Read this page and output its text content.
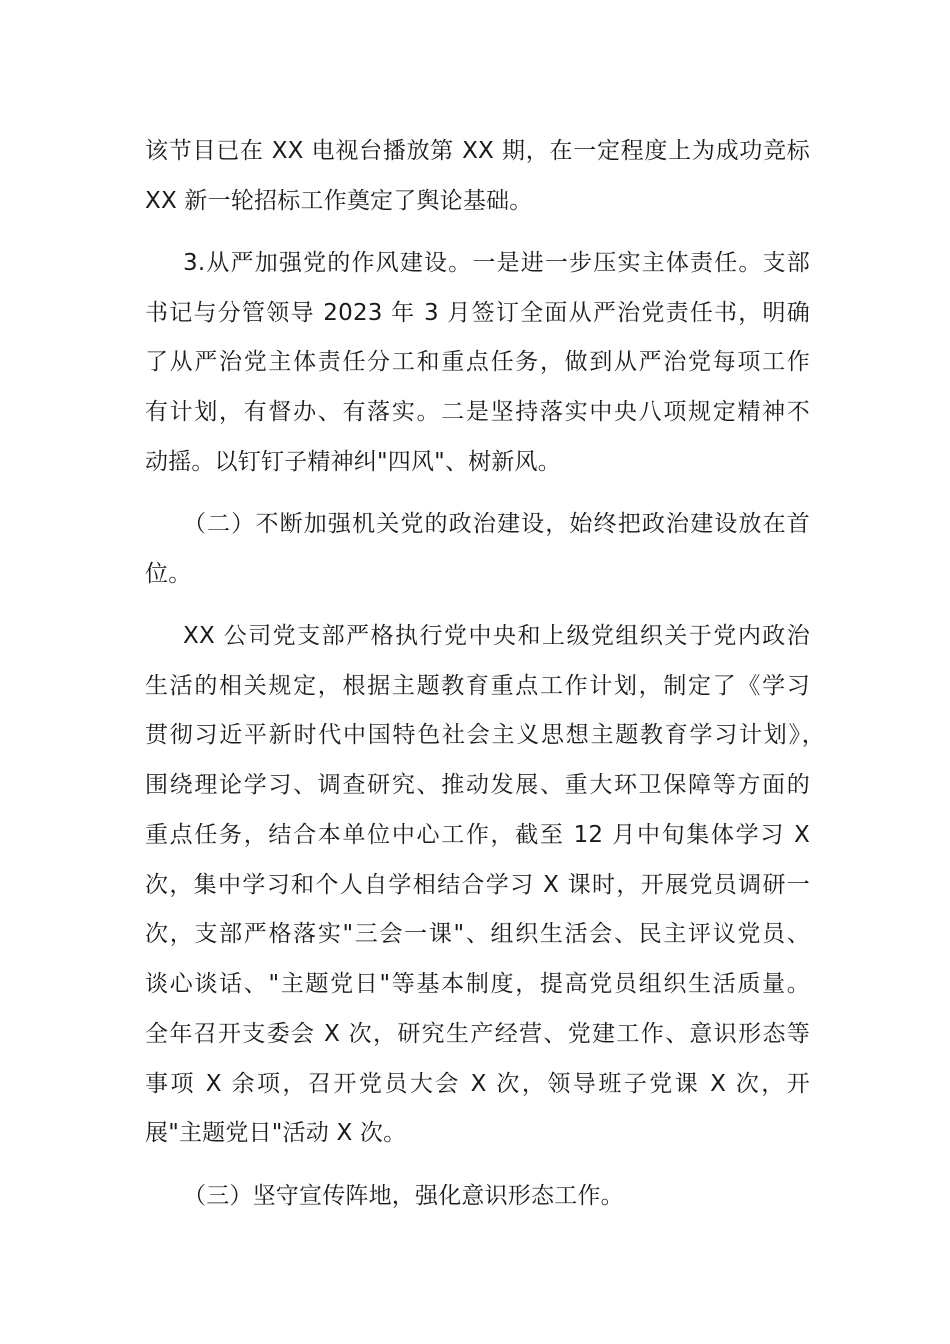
该节目已在 XX 电视台播放第 XX 期，在一定程度上为成功竞标
XX 新一轮招标工作奠定了舆论基础。
3.从严加强党的作风建设。一是进一步压实主体责任。支部
书记与分管领导 2023 年 3 月签订全面从严治党责任书，明确
了从严治党主体责任分工和重点任务，做到从严治党每项工作
有计划，有督办、有落实。二是坚持落实中央八项规定精神不
动摇。以钉钉子精神纠"四风"、树新风。
（二）不断加强机关党的政治建设，始终把政治建设放在首
位。
XX 公司党支部严格执行党中央和上级党组织关于党内政治
生活的相关规定，根据主题教育重点工作计划，制定了《学习
贯彻习近平新时代中国特色社会主义思想主题教育学习计划》，
围绕理论学习、调查研究、推动发展、重大环卫保障等方面的
重点任务，结合本单位中心工作，截至 12 月中旬集体学习 X
次，集中学习和个人自学相结合学习 X 课时，开展党员调研一
次，支部严格落实"三会一课"、组织生活会、民主评议党员、
谈心谈话、"主题党日"等基本制度，提高党员组织生活质量。
全年召开支委会 X 次，研究生产经营、党建工作、意识形态等
事项 X 余项，召开党员大会 X 次，领导班子党课 X 次，开
展"主题党日"活动 X 次。
（三）坚守宣传阵地，强化意识形态工作。
